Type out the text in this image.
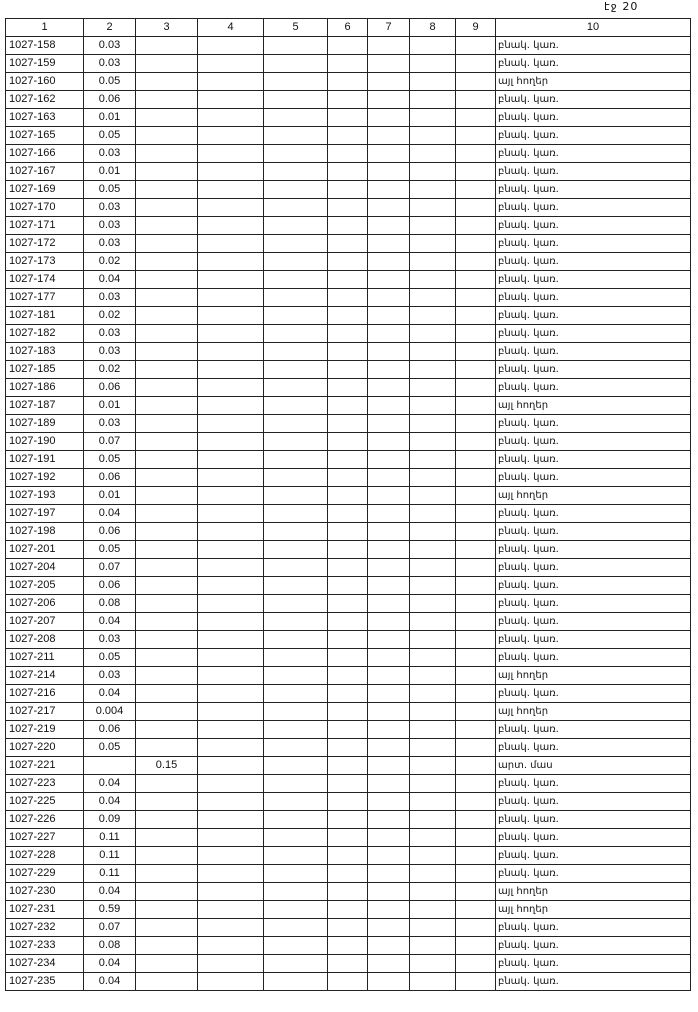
էջ 20
1	2	3	4	5	6	7	8	9	10
1027-158	0.03								բնակ. կառ.
1027-159	0.03								բնակ. կառ.
1027-160	0.05								այլ հողեր
1027-162	0.06								բնակ. կառ.
1027-163	0.01								բնակ. կառ.
1027-165	0.05								բնակ. կառ.
1027-166	0.03								բնակ. կառ.
1027-167	0.01								բնակ. կառ.
1027-169	0.05								բնակ. կառ.
1027-170	0.03								բնակ. կառ.
1027-171	0.03								բնակ. կառ.
1027-172	0.03								բնակ. կառ.
1027-173	0.02								բնակ. կառ.
1027-174	0.04								բնակ. կառ.
1027-177	0.03								բնակ. կառ.
1027-181	0.02								բնակ. կառ.
1027-182	0.03								բնակ. կառ.
1027-183	0.03								բնակ. կառ.
1027-185	0.02								բնակ. կառ.
1027-186	0.06								բնակ. կառ.
1027-187	0.01								այլ հողեր
1027-189	0.03								բնակ. կառ.
1027-190	0.07								բնակ. կառ.
1027-191	0.05								բնակ. կառ.
1027-192	0.06								բնակ. կառ.
1027-193	0.01								այլ հողեր
1027-197	0.04								բնակ. կառ.
1027-198	0.06								բնակ. կառ.
1027-201	0.05								բնակ. կառ.
1027-204	0.07								բնակ. կառ.
1027-205	0.06								բնակ. կառ.
1027-206	0.08								բնակ. կառ.
1027-207	0.04								բնակ. կառ.
1027-208	0.03								բնակ. կառ.
1027-211	0.05								բնակ. կառ.
1027-214	0.03								այլ հողեր
1027-216	0.04								բնակ. կառ.
1027-217	0.004								այլ հողեր
1027-219	0.06								բնակ. կառ.
1027-220	0.05								բնակ. կառ.
1027-221		0.15							արտ. մաս
1027-223	0.04								բնակ. կառ.
1027-225	0.04								բնակ. կառ.
1027-226	0.09								բնակ. կառ.
1027-227	0.11								բնակ. կառ.
1027-228	0.11								բնակ. կառ.
1027-229	0.11								բնակ. կառ.
1027-230	0.04								այլ հողեր
1027-231	0.59								այլ հողեր
1027-232	0.07								բնակ. կառ.
1027-233	0.08								բնակ. կառ.
1027-234	0.04								բնակ. կառ.
1027-235	0.04								բնակ. կառ.
